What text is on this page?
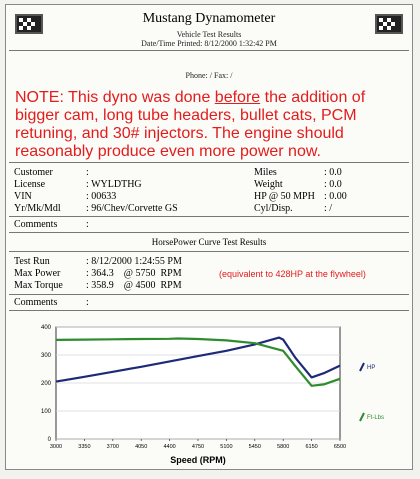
Mustang Dynamometer
Vehicle Test Results
Date/Time Printed: 8/12/2000 1:32:42 PM
Phone: / Fax: /
NOTE: This dyno was done before the addition of bigger cam, long tube headers, bullet cats, PCM retuning, and 30# injectors. The engine should reasonably produce even more power now.
Customer	:
License	: WYLDTHG
VIN	: 00633
Yr/Mk/Mdl	: 96/Chev/Corvette GS
Miles	: 0.0
Weight	: 0.0
HP @ 50 MPH : 0.00
Cyl/Disp.	: /
Comments	:
HorsePower Curve Test Results
Test Run	: 8/12/2000 1:24:55 PM
Max Power	: 364.3    @ 5750  RPM	(equivalent to 428HP at the flywheel)
Max Torque : 358.9    @ 4500  RPM
Comments	:
0
100
200
300
400
3000	3350	3700	4050	4400	4750	5100	5450	5800	6150	6500
Speed (RPM)
HP
Ft-Lbs
